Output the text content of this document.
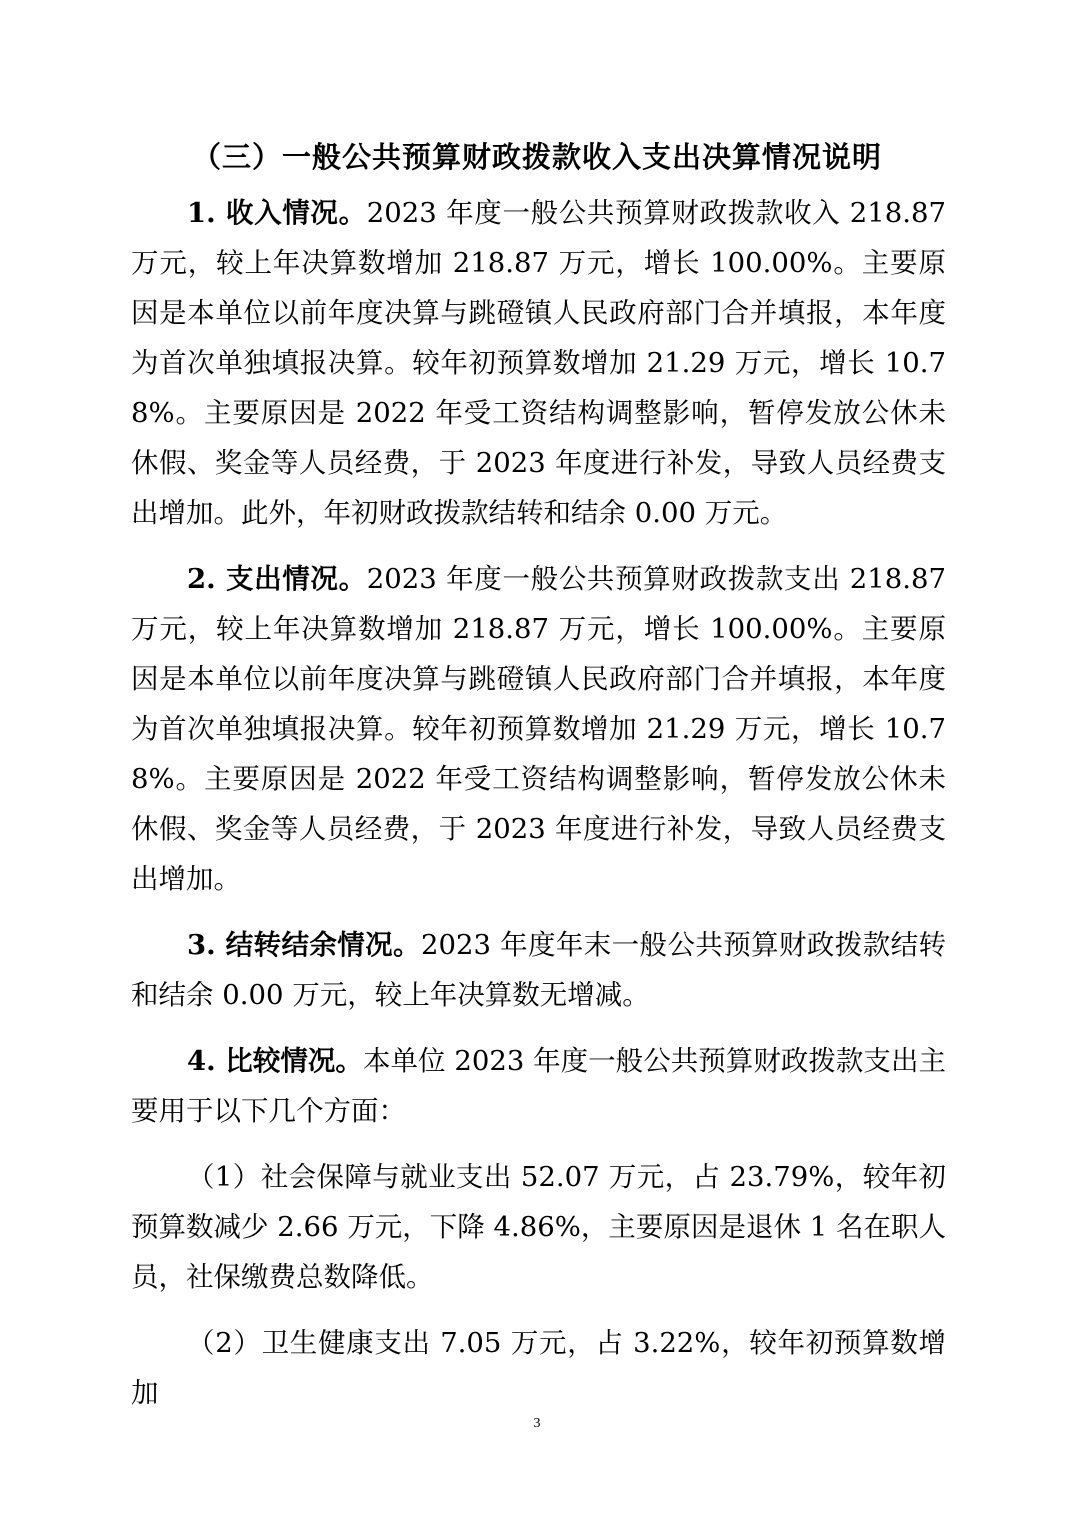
（三）一般公共预算财政拨款收入支出决算情况说明

1. 收入情况。2023 年度一般公共预算财政拨款收入 218.87 万元，较上年决算数增加 218.87 万元，增长 100.00%。主要原因是本单位以前年度决算与跳磴镇人民政府部门合并填报，本年度为首次单独填报决算。较年初预算数增加 21.29 万元，增长 10.78%。主要原因是 2022 年受工资结构调整影响，暂停发放公休未休假、奖金等人员经费，于 2023 年度进行补发，导致人员经费支出增加。此外，年初财政拨款结转和结余 0.00 万元。

2. 支出情况。2023 年度一般公共预算财政拨款支出 218.87 万元，较上年决算数增加 218.87 万元，增长 100.00%。主要原因是本单位以前年度决算与跳磴镇人民政府部门合并填报，本年度为首次单独填报决算。较年初预算数增加 21.29 万元，增长 10.78%。主要原因是 2022 年受工资结构调整影响，暂停发放公休未休假、奖金等人员经费，于 2023 年度进行补发，导致人员经费支出增加。

3. 结转结余情况。2023 年度年末一般公共预算财政拨款结转和结余 0.00 万元，较上年决算数无增减。

4. 比较情况。本单位 2023 年度一般公共预算财政拨款支出主要用于以下几个方面：

（1）社会保障与就业支出 52.07 万元，占 23.79%，较年初预算数减少 2.66 万元，下降 4.86%，主要原因是退休 1 名在职人员，社保缴费总数降低。

（2）卫生健康支出 7.05 万元，占 3.22%，较年初预算数增加

3
